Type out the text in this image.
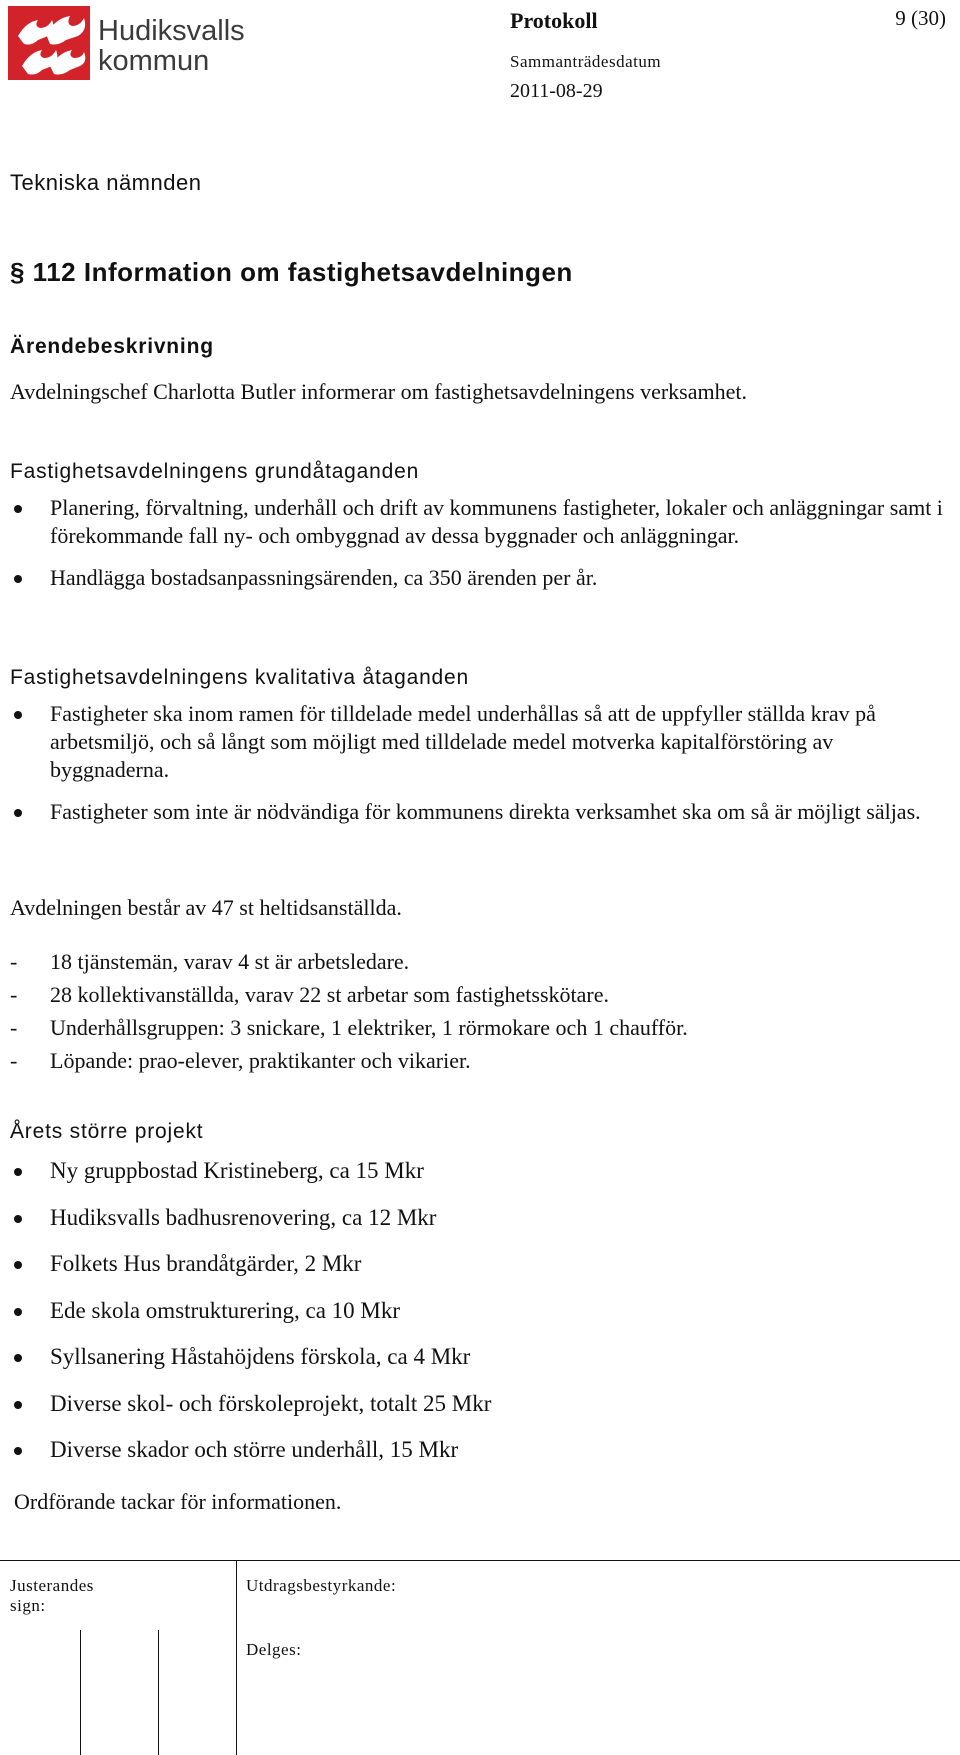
Hudiksvalls
kommun
Protokoll	9 (30)
Sammanträdesdatum
2011-08-29
Tekniska nämnden
§ 112 Information om fastighetsavdelningen
Ärendebeskrivning
Avdelningschef Charlotta Butler informerar om fastighetsavdelningens verksamhet.
Fastighetsavdelningens grundåtaganden
Planering, förvaltning, underhåll och drift av kommunens fastigheter, lokaler och anläggningar samt i förekommande fall ny- och ombyggnad av dessa byggnader och anläggningar.
Handlägga bostadsanpassningsärenden, ca 350 ärenden per år.
Fastighetsavdelningens kvalitativa åtaganden
Fastigheter ska inom ramen för tilldelade medel underhållas så att de uppfyller ställda krav på arbetsmiljö, och så långt som möjligt med tilldelade medel motverka kapitalförstöring av byggnaderna.
Fastigheter som inte är nödvändiga för kommunens direkta verksamhet ska om så är möjligt säljas.
Avdelningen består av 47 st heltidsanställda.
- 18 tjänstemän, varav 4 st är arbetsledare.
- 28 kollektivanställda, varav 22 st arbetar som fastighetsskötare.
- Underhållsgruppen: 3 snickare, 1 elektriker, 1 rörmokare och 1 chaufför.
- Löpande: prao-elever, praktikanter och vikarier.
Årets större projekt
Ny gruppbostad Kristineberg, ca 15 Mkr
Hudiksvalls badhusrenovering, ca 12 Mkr
Folkets Hus brandåtgärder, 2 Mkr
Ede skola omstrukturering, ca 10 Mkr
Syllsanering Håstahöjdens förskola, ca 4 Mkr
Diverse skol- och förskoleprojekt, totalt 25 Mkr
Diverse skador och större underhåll, 15 Mkr
Ordförande tackar för informationen.
Justerandes
sign:
Utdragsbestyrkande:
Delges:
